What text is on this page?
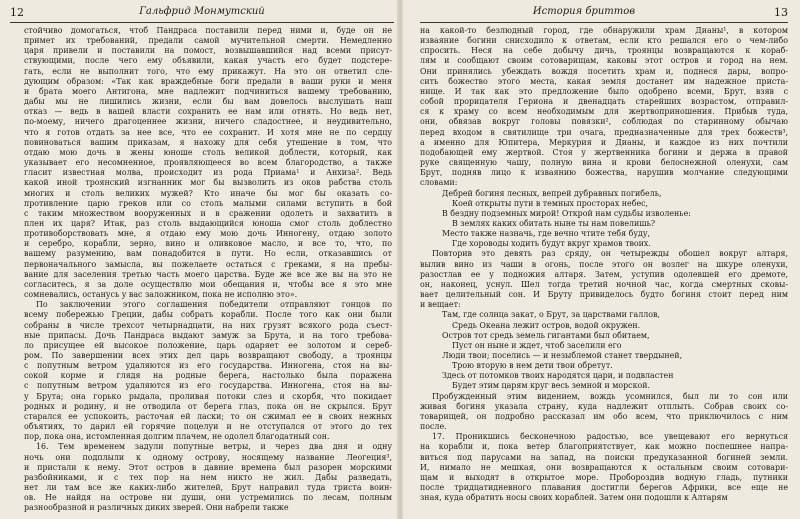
12	Гальфрид Монмутский
стойчиво домогаться, чтоб Пандраса поставили перед ними и, буде он не
примет их требований, предали самой мучительной смерти. Немедленно
царя привели и поставили на помост, возвышавшийся над всеми присут-
ствующими, после чего ему объявили, какая участь его будет подстере-
гать, если не выполнит того, что ему прикажут. На это он ответил сле-
дующим образом: «Так как враждебные боги предали в ваши руки и меня
и брата моего Антигона, мне надлежит подчиниться вашему требованию,
дабы мы не лишились жизни, если бы вам довелось выслушать наш
отказ — ведь в вашей власти сохранить ее нам или отнять. Но ведь нет,
по-моему, ничего драгоценнее жизни, ничего сладостнее, и неудивительно,
что я готов отдать за нее все, что ее сохранит. И хотя мне не по сердцу
повиноваться вашим приказам, я нахожу для себя утешение в том, что
отдаю мою дочь в жены юноше столь великой доблести, который, как
указывает его несомненное, проявляющееся во всем благородство, а также
гласит известная молва, происходит из рода Приама¹ и Анхиза². Ведь
какой иной троянский изгнанник мог бы вызволить из оков рабства столь
многих и столь великих мужей? Кто иначе бы мог бы оказать со-
противление царю греков или со столь малыми силами вступить в бой
с таким множеством вооруженных и в сражении одолеть и захватить в
плен их царя? Итак, раз столь выдающийся юноша смог столь доблестно
противоборствовать мне, я отдаю ему мою дочь Инногену, отдаю золото
и серебро, корабли, зерно, вино и оливковое масло, и все то, что, по
вашему разумению, вам понадобится в пути. Но если, отказавшись от
первоначального замысла, вы пожелаете остаться с греками, я на пребы-
вание для заселения третью часть моего царства. Буде же все же вы на это не
согласитесь, я за доле осуществлю мои обещания и, чтобы все я это мне
сомневались, останусь у вас заложником, пока не исполню это».
По заключении этого соглашения победители отправляют гонцов по
всему побережью Греции, дабы собрать корабли. После того как они были
собраны в числе трехсот четырнадцати, на них грузят всякого рода съест-
ные припасы. Дочь Пандраса выдают замуж за Брута, и на того требова-
ло присущее ей высокое положение, царь одаряет ее золотом и сереб-
ром. По завершении всех этих дел царь возвращают свободу, а троянцы
с попутным ветром удаляются из его государства. Инногена, стоя на вы-
сокой корме и глядя на родные берега, настолько была поражена
с попутным ветром удаляются из его государства. Инногена, стоя на вы-
у Брута; она горько рыдала, проливая потоки слез и скорбя, что покидает
родных и родину, и не отводила от берега глаз, пока он не скрылся. Брут
старался ее успокоить, расточая ей ласки; то он сжимал ее в своих нежных
объятиях, то дарил ей горячие поцелуи и не отступался от этого до тех
пор, пока она, истомленная долгим плачем, не одолел благодатный сон.
16. Тем временем задули попутные ветры, и через два дня и одну
ночь они подплыли к одному острову, носящему название Леогеция³,
и пристали к нему. Этот остров в давние времена был разорен морскими
разбойниками, и с тех пор на нем никто не жил. Дабы разведать,
нет ли там все же каких-либо жителей, Брут направил туда триста воин-
ов. Не найдя на острове ни души, они устремились по лесам, полным
разнообразной и различных диких зверей. Они набрели также
История бриттов	13
на какой-то безлюдный город, где обнаружили храм Дианы¹, в котором
изваяние богини снисходило к ответам, если кто решался его о чем-либо
спросить. Неся на себе добычу дичь, троянцы возвращаются к кораб-
лям и сообщают своим сотоварищам, каковы этот остров и город на нем.
Они принялись убеждать вождя посетить храм и, поднеся дары, вопро-
сить божество этого места, какая земля достанет им надежное приста-
нище. И так как это предложение было одобрено всеми, Брут, взяв с
собой прорицателя Гериона и двенадцать старейших возрастом, отправил-
ся к храму со всем необходимым для жертвоприношения. Прибыв туда,
они, обвязав вокруг головы повязки², соблюдая по старинному обычаю
перед входом в святилище три очага, предназначенные для трех божеств³,
а именно для Юпитера, Меркурия и Дианы, и каждое из них почтили
подобающей ему жертвой. Стоя у жертвенника богини и держа в правой
руке священную чашу, полную вина и крови белоснежной оленухи, сам
Брут, подняв лицо к изваянию божества, нарушив молчание следующими
словами:
Дебрей богиня лесных, вепрей дубравных погибель,
Коей открыты пути в темных просторах небес,
В бездну подземных мирой! Открой нам судьбы изволенье:
В землях каких обитать ныне ты нам повелишь?
Место также назначь, где вечно чтите тебя буду,
Где хороводы ходить будут вкруг храмов твоих.
Повторив это девять раз сряду, он четырежды обошел вокруг алтаря,
вылив вино из чаши в огонь, после этого он возлег на шкуре оленухи,
разостлав ее у подножия алтаря. Затем, уступив одолевшей его дремоте,
он, наконец, уснул. Шел тогда третий ночной час, когда смертных сковы-
вает целительный сон. И Бруту привиделось будто богиня стоит перед ним
и вещает:
Там, где солнца закат, о Брут, за царствами галлов,
Средь Океана лежит остров, водой окружен.
Остров тот средь земель гигантами был обитаем,
Пуст он ныне и ждет, чтоб заселили его
Люди твои; поселись — и незыблемой станет твердыней,
Трою вторую в нем дети твои обретут.
Здесь от потомков твоих народятся цари, и подвластен
Будет этим царям круг весь земной и морской.
Пробужденный этим видением, вождь усомнился, был ли то сон или
живая богиня указала страну, куда надлежит отплыть. Собрав своих со-
товарищей, он подробно рассказал им обо всем, что приключилось с ним
после.
17. Проникшись бесконечною радостью, все увещевают его вернуться
на корабли и, пока ветер благоприятствует, как можно поспешнее напра-
виться под парусами на запад, на поиски предуказанной богиней земли.
И, нимало не мешкая, они возвращаются к остальным своим сотовари-
щам и выходят в открытое море. Пробороздив водную гладь, путники
после тридцатидневного плавания достигли берегов Африки, все еще не
зная, куда обратить носы своих кораблей. Затем они подошли к Алтарям
